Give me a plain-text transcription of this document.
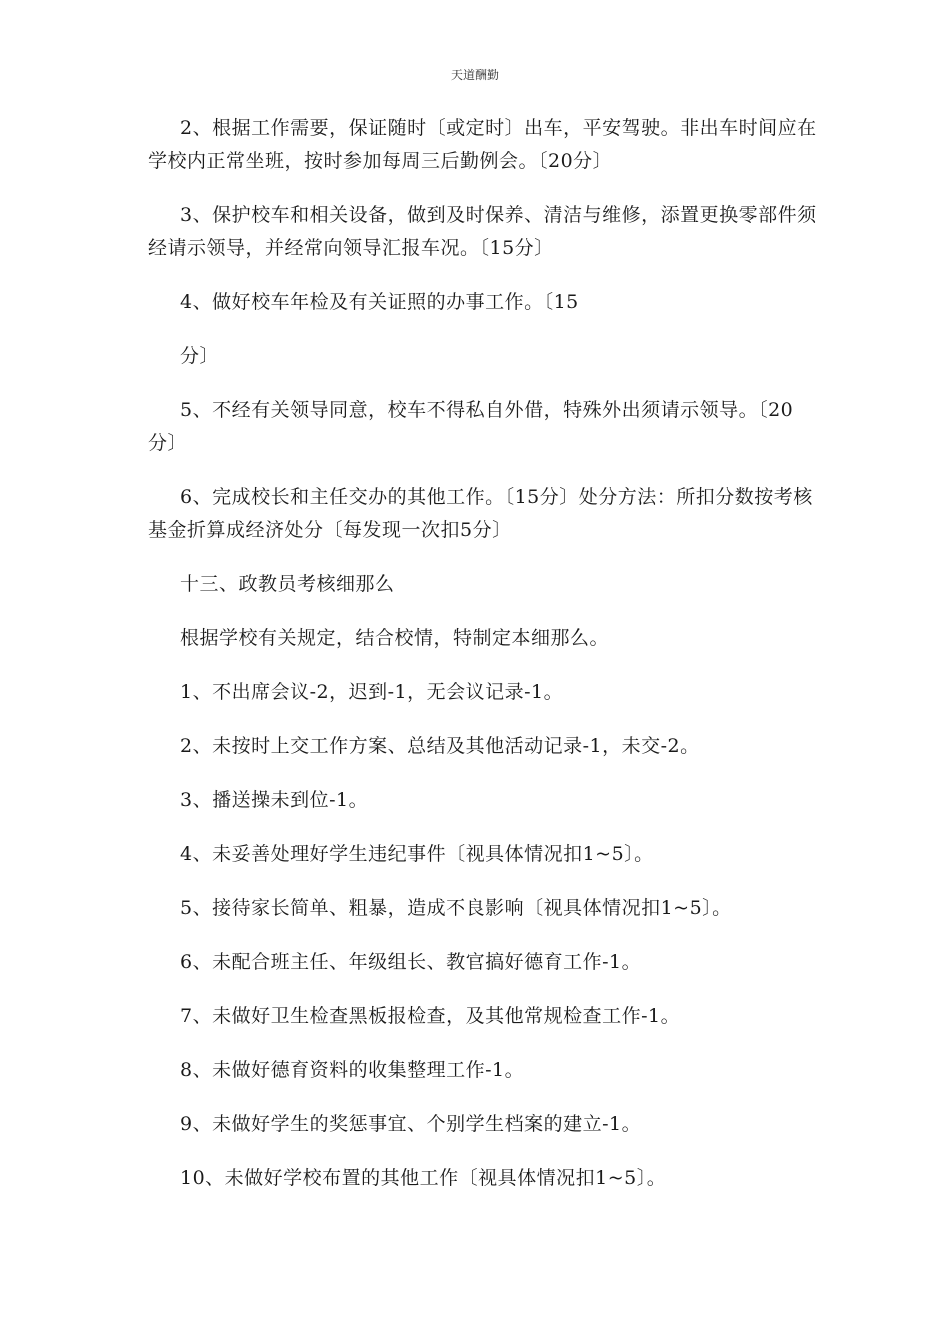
天道酬勤

2、根据工作需要，保证随时〔或定时〕出车，平安驾驶。非出车时间应在学校内正常坐班，按时参加每周三后勤例会。〔20分〕

3、保护校车和相关设备，做到及时保养、清洁与维修，添置更换零部件须经请示领导，并经常向领导汇报车况。〔15分〕

4、做好校车年检及有关证照的办事工作。〔15

分〕

5、不经有关领导同意，校车不得私自外借，特殊外出须请示领导。〔20分〕

6、完成校长和主任交办的其他工作。〔15分〕处分方法：所扣分数按考核基金折算成经济处分〔每发现一次扣5分〕

十三、政教员考核细那么

根据学校有关规定，结合校情，特制定本细那么。

1、不出席会议-2，迟到-1，无会议记录-1。

2、未按时上交工作方案、总结及其他活动记录-1，未交-2。

3、播送操未到位-1。

4、未妥善处理好学生违纪事件〔视具体情况扣1~5〕。

5、接待家长简单、粗暴，造成不良影响〔视具体情况扣1~5〕。

6、未配合班主任、年级组长、教官搞好德育工作-1。

7、未做好卫生检查黑板报检查，及其他常规检查工作-1。

8、未做好德育资料的收集整理工作-1。

9、未做好学生的奖惩事宜、个别学生档案的建立-1。

10、未做好学校布置的其他工作〔视具体情况扣1~5〕。
